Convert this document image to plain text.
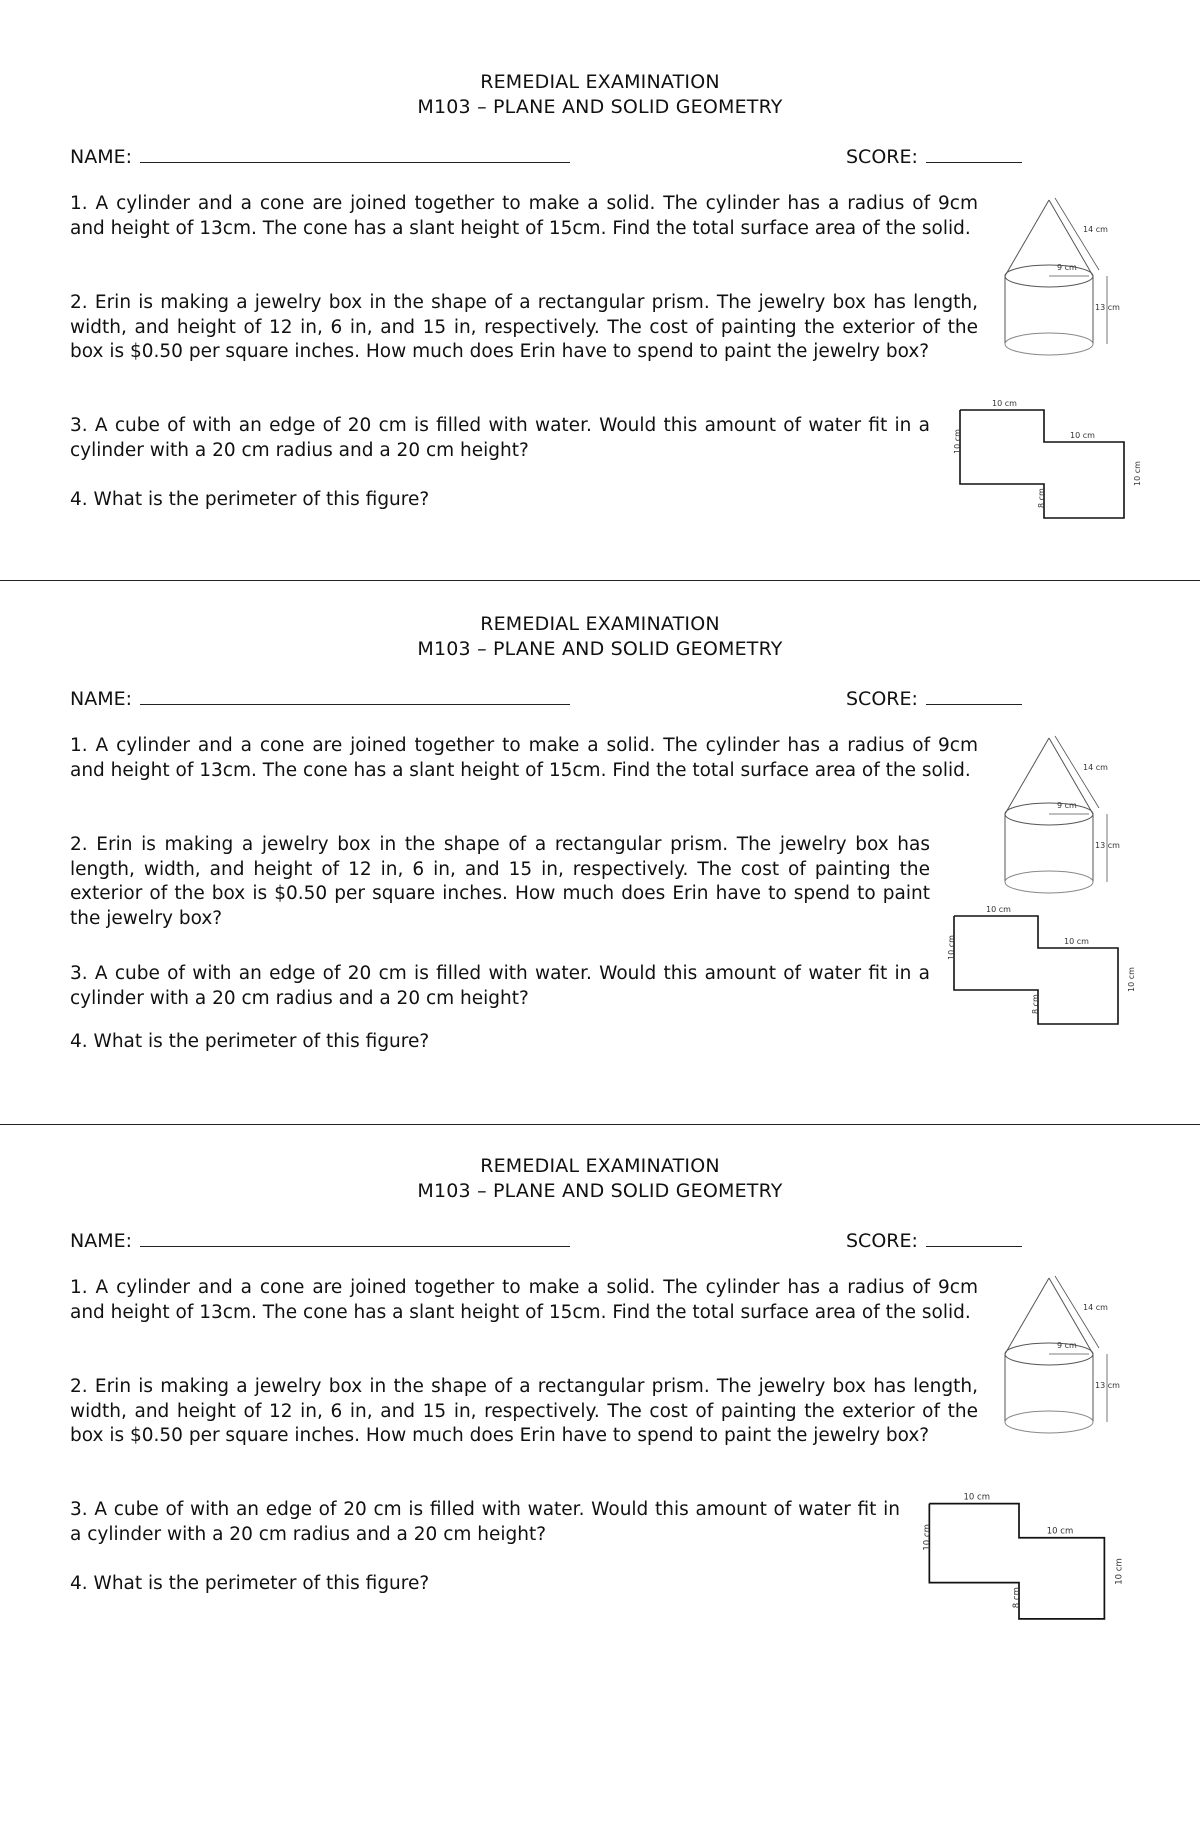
REMEDIAL EXAMINATION
M103 – PLANE AND SOLID GEOMETRY
NAME:	SCORE:

1. A cylinder and a cone are joined together to make a solid. The cylinder has a radius of 9cm and height of 13cm. The cone has a slant height of 15cm. Find the total surface area of the solid.

2. Erin is making a jewelry box in the shape of a rectangular prism. The jewelry box has length, width, and height of 12 in, 6 in, and 15 in, respectively. The cost of painting the exterior of the box is $0.50 per square inches. How much does Erin have to spend to paint the jewelry box?

3. A cube of with an edge of 20 cm is filled with water. Would this amount of water fit in a cylinder with a 20 cm radius and a 20 cm height?

4. What is the perimeter of this figure?

14 cm
9 cm
13 cm
10 cm
10 cm
10 cm
10 cm
8 cm
REMEDIAL EXAMINATION
M103 – PLANE AND SOLID GEOMETRY
NAME:	SCORE:

1. A cylinder and a cone are joined together to make a solid. The cylinder has a radius of 9cm and height of 13cm. The cone has a slant height of 15cm. Find the total surface area of the solid.

2. Erin is making a jewelry box in the shape of a rectangular prism. The jewelry box has length, width, and height of 12 in, 6 in, and 15 in, respectively. The cost of painting the exterior of the box is $0.50 per square inches. How much does Erin have to spend to paint the jewelry box?

3. A cube of with an edge of 20 cm is filled with water. Would this amount of water fit in a cylinder with a 20 cm radius and a 20 cm height?

4. What is the perimeter of this figure?

14 cm
9 cm
13 cm
10 cm
10 cm
10 cm
10 cm
8 cm
REMEDIAL EXAMINATION
M103 – PLANE AND SOLID GEOMETRY
NAME:	SCORE:

1. A cylinder and a cone are joined together to make a solid. The cylinder has a radius of 9cm and height of 13cm. The cone has a slant height of 15cm. Find the total surface area of the solid.

2. Erin is making a jewelry box in the shape of a rectangular prism. The jewelry box has length, width, and height of 12 in, 6 in, and 15 in, respectively. The cost of painting the exterior of the box is $0.50 per square inches. How much does Erin have to spend to paint the jewelry box?

3. A cube of with an edge of 20 cm is filled with water. Would this amount of water fit in a cylinder with a 20 cm radius and a 20 cm height?

4. What is the perimeter of this figure?

14 cm
9 cm
13 cm
10 cm
10 cm
10 cm
10 cm
8 cm
